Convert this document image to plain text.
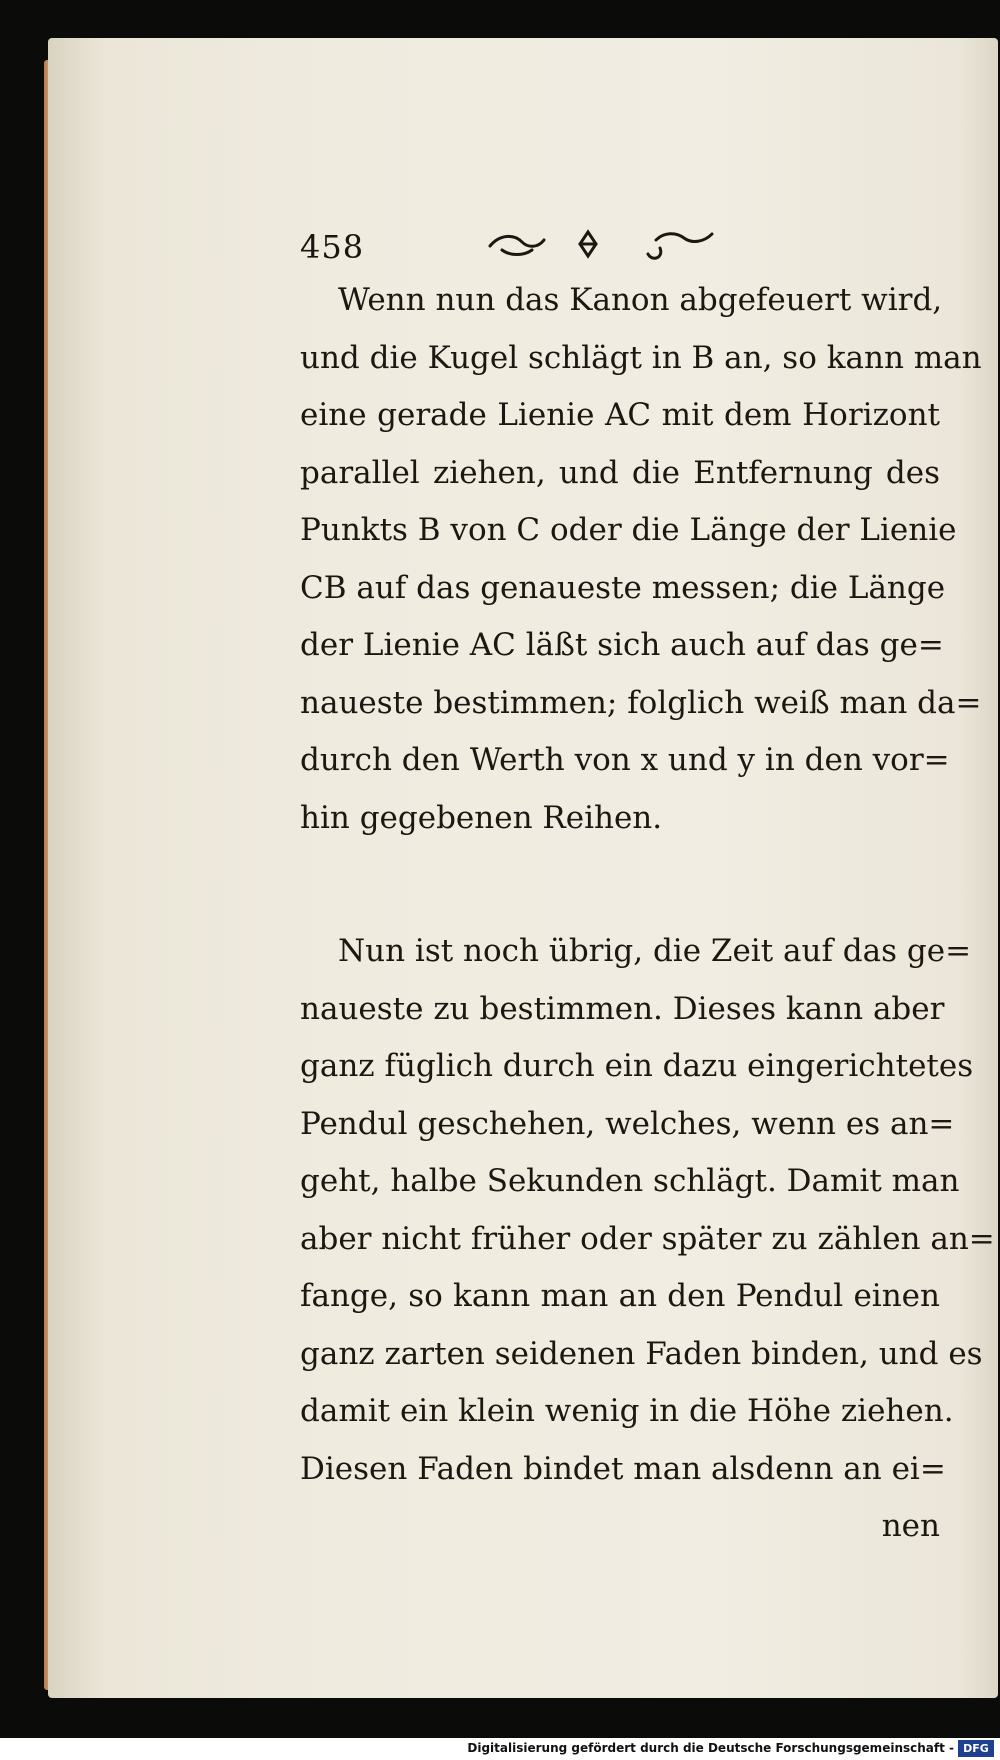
458
Wenn nun das Kanon abgefeuert wird,
und die Kugel schlägt in B an, so kann man
eine gerade Lienie AC mit dem Horizont
parallel ziehen, und die Entfernung des
Punkts B von C oder die Länge der Lienie
CB auf das genaueste messen; die Länge
der Lienie AC läßt sich auch auf das ge=
naueste bestimmen; folglich weiß man da=
durch den Werth von x und y in den vor=
hin gegebenen Reihen.
Nun ist noch übrig, die Zeit auf das ge=
naueste zu bestimmen. Dieses kann aber
ganz füglich durch ein dazu eingerichtetes
Pendul geschehen, welches, wenn es an=
geht, halbe Sekunden schlägt. Damit man
aber nicht früher oder später zu zählen an=
fange, so kann man an den Pendul einen
ganz zarten seidenen Faden binden, und es
damit ein klein wenig in die Höhe ziehen.
Diesen Faden bindet man alsdenn an ei=
nen
Digitalisierung gefördert durch die Deutsche Forschungsgemeinschaft - DFG
